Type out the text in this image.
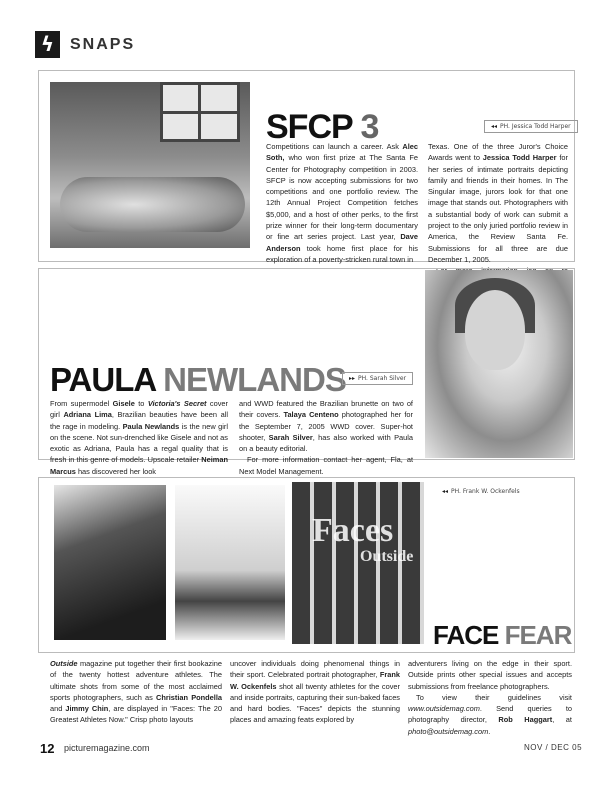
ϟ SNAPS
SFCP 3	◂◂ PH. Jessica Todd Harper
Competitions can launch a career. Ask Alec Soth, who won first prize at The Santa Fe Center for Photography competition in 2003. SFCP is now accepting submissions for two competitions and one portfolio review. The 12th Annual Project Competition fetches $5,000, and a host of other perks, to the first prize winner for their long-term documentary or fine art series project. Last year, Dave Anderson took home first place for his exploration of a poverty-stricken rural town in
Texas. One of the three Juror's Choice Awards went to Jessica Todd Harper for her series of intimate portraits depicting family and friends in their homes. In The Singular image, jurors look for that one image that stands out. Photographers with a substantial body of work can submit a project to the only juried portfolio review in America, the Review Santa Fe. Submissions for all three are due December 1, 2005.
PAULA NEWLANDS ▸▸ PH. Sarah Silver
From supermodel Gisele to Victoria's Secret cover girl Adriana Lima, Brazilian beauties have been all the rage in modeling. Paula Newlands is the new girl on the scene. Not sun-drenched like Gisele and not as exotic as Adriana, Paula has a regal quality that is fresh in this genre of models. Upscale retailer Neiman Marcus has discovered her look
and WWD featured the Brazilian brunette on two of their covers. Talaya Centeno photographed her for the September 7, 2005 WWD cover. Super-hot shooter, Sarah Silver, has also worked with Paula on a beauty editorial.
For more information contact her agent, Fla, at Next Model Management.
Faces
Outside
◂◂ PH. Frank W. Ockenfels
FACE FEAR
Outside magazine put together their first bookazine of the twenty hottest adventure athletes. The ultimate shots from some of the most acclaimed sports photographers, such as Christian Pondella and Jimmy Chin, are displayed in "Faces: The 20 Greatest Athletes Now." Crisp photo layouts
uncover individuals doing phenomenal things in their sport. Celebrated portrait photographer, Frank W. Ockenfels shot all twenty athletes for the cover and inside portraits, capturing their sun-baked faces and hard bodies. "Faces" depicts the stunning places and amazing feats explored by
adventurers living on the edge in their sport. Outside prints other special issues and accepts submissions from freelance photographers.
To view their guidelines visit www.outsidemag.com. Send queries to photography director, Rob Haggart, at photo@outsidemag.com.
12 picturemagazine.com	NOV / DEC 05
